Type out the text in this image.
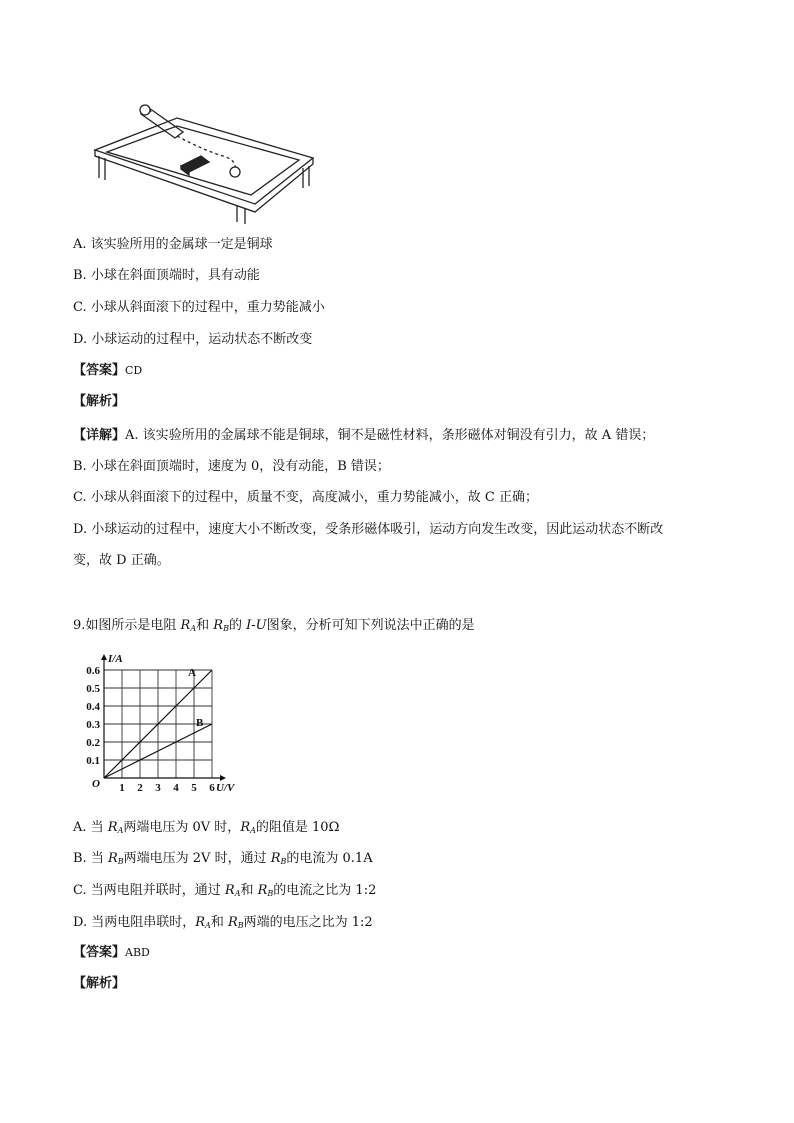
A. 该实验所用的金属球一定是铜球
B. 小球在斜面顶端时，具有动能
C. 小球从斜面滚下的过程中，重力势能减小
D. 小球运动的过程中，运动状态不断改变
【答案】CD
【解析】
【详解】A. 该实验所用的金属球不能是铜球，铜不是磁性材料，条形磁体对铜没有引力，故 A 错误；
B. 小球在斜面顶端时，速度为 0，没有动能，B 错误；
C. 小球从斜面滚下的过程中，质量不变，高度减小，重力势能减小，故 C 正确；
D. 小球运动的过程中，速度大小不断改变，受条形磁体吸引，运动方向发生改变，因此运动状态不断改
变，故 D 正确。
9.如图所示是电阻 $R_A$和 $R_B$的 I-U图象，分析可知下列说法中正确的是
A
B
1 2 3 4 5 6
0.1
0.2
0.3
0.4
0.5
0.6
O	U/V
I/A
A. 当 $R_A$两端电压为 0V 时，$R_A$的阻值是 10Ω
B. 当 $R_B$两端电压为 2V 时，通过 $R_B$的电流为 0.1A
C. 当两电阻并联时，通过 $R_A$和 $R_B$的电流之比为 1:2
D. 当两电阻串联时，$R_A$和 $R_B$两端的电压之比为 1:2
【答案】ABD
【解析】
